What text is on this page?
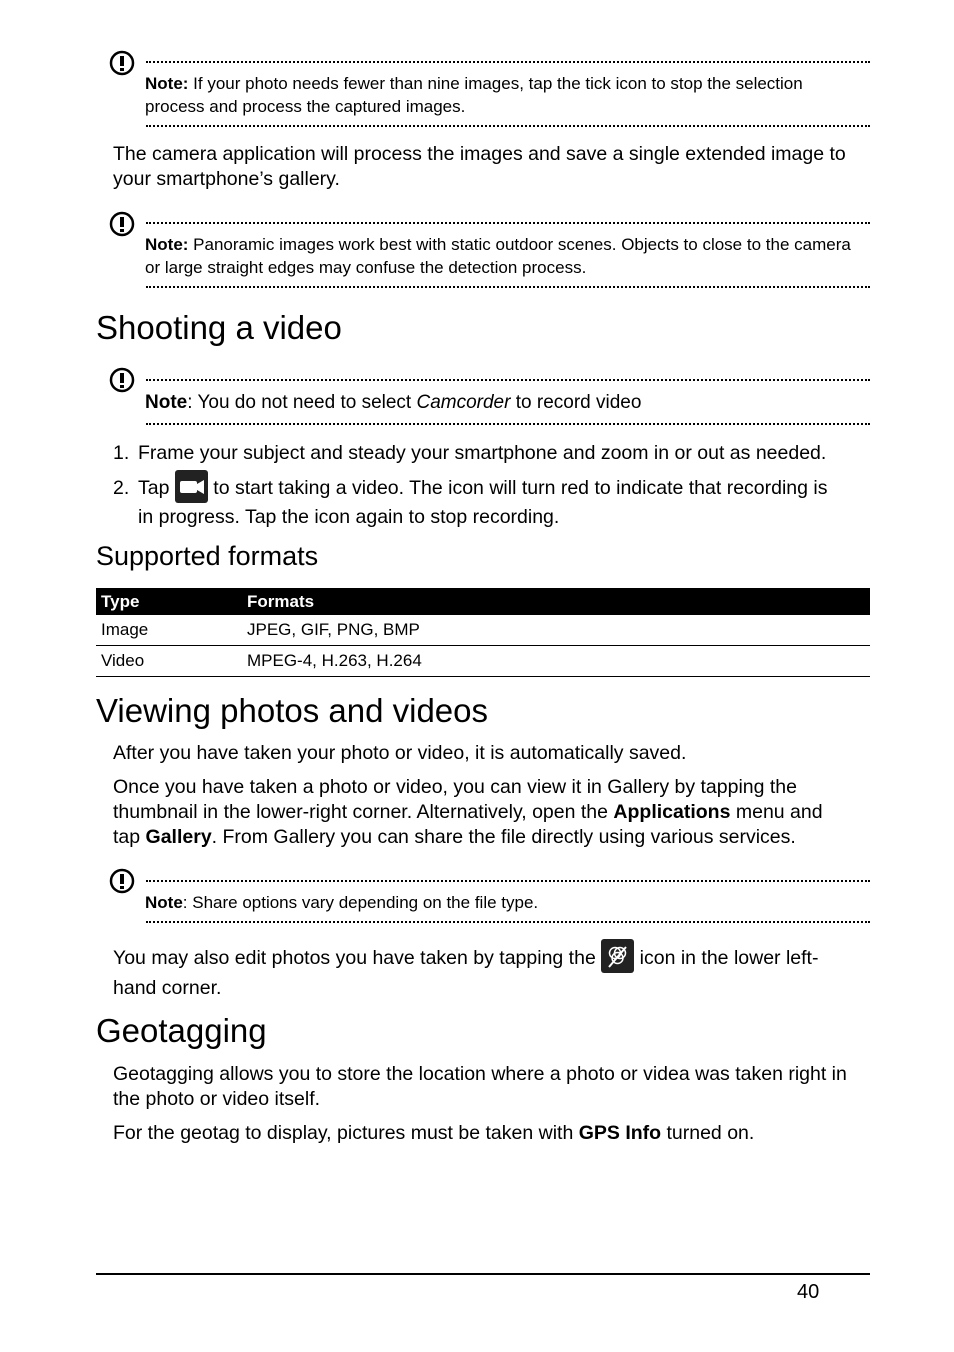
Note: If your photo needs fewer than nine images, tap the tick icon to stop the selection process and process the captured images.
The camera application will process the images and save a single extended image to your smartphone’s gallery.
Note: Panoramic images work best with static outdoor scenes. Objects to close to the camera or large straight edges may confuse the detection process.
Shooting a video
Note: You do not need to select Camcorder to record video
1. Frame your subject and steady your smartphone and zoom in or out as needed.
2. Tap
to start taking a video. The icon will turn red to indicate that recording is
in progress. Tap the icon again to stop recording.
Supported formats
Type	Formats
Image	JPEG, GIF, PNG, BMP
Video	MPEG-4, H.263, H.264
Viewing photos and videos
After you have taken your photo or video, it is automatically saved.
Once you have taken a photo or video, you can view it in Gallery by tapping the
thumbnail in the lower-right corner. Alternatively, open the Applications menu and
tap Gallery. From Gallery you can share the file directly using various services.
Note: Share options vary depending on the file type.
You may also edit photos you have taken by tapping the
icon in the lower left-
hand corner.
Geotagging
Geotagging allows you to store the location where a photo or videa was taken right in the photo or video itself.
For the geotag to display, pictures must be taken with GPS Info turned on.
40
